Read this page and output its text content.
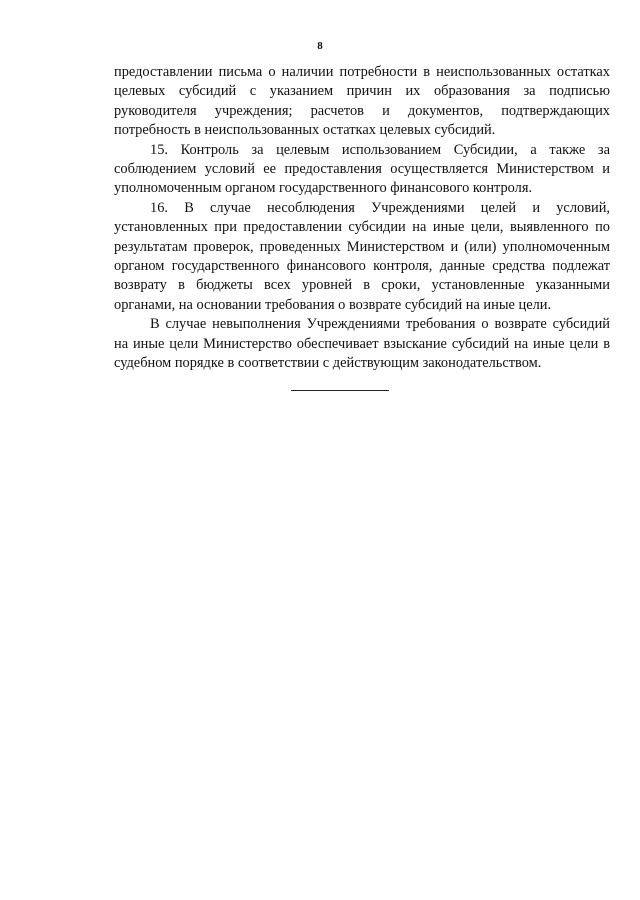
8

предоставлении письма о наличии потребности в неиспользованных остатках целевых субсидий с указанием причин их образования за подписью руководителя учреждения; расчетов и документов, подтверждающих потребность в неиспользованных остатках целевых субсидий.

15. Контроль за целевым использованием Субсидии, а также за соблюдением условий ее предоставления осуществляется Министерством и уполномоченным органом государственного финансового контроля.

16. В случае несоблюдения Учреждениями целей и условий, установленных при предоставлении субсидии на иные цели, выявленного по результатам проверок, проведенных Министерством и (или) уполномоченным органом государственного финансового контроля, данные средства подлежат возврату в бюджеты всех уровней в сроки, установленные указанными органами, на основании требования о возврате субсидий на иные цели.

В случае невыполнения Учреждениями требования о возврате субсидий на иные цели Министерство обеспечивает взыскание субсидий на иные цели в судебном порядке в соответствии с действующим законодательством.
